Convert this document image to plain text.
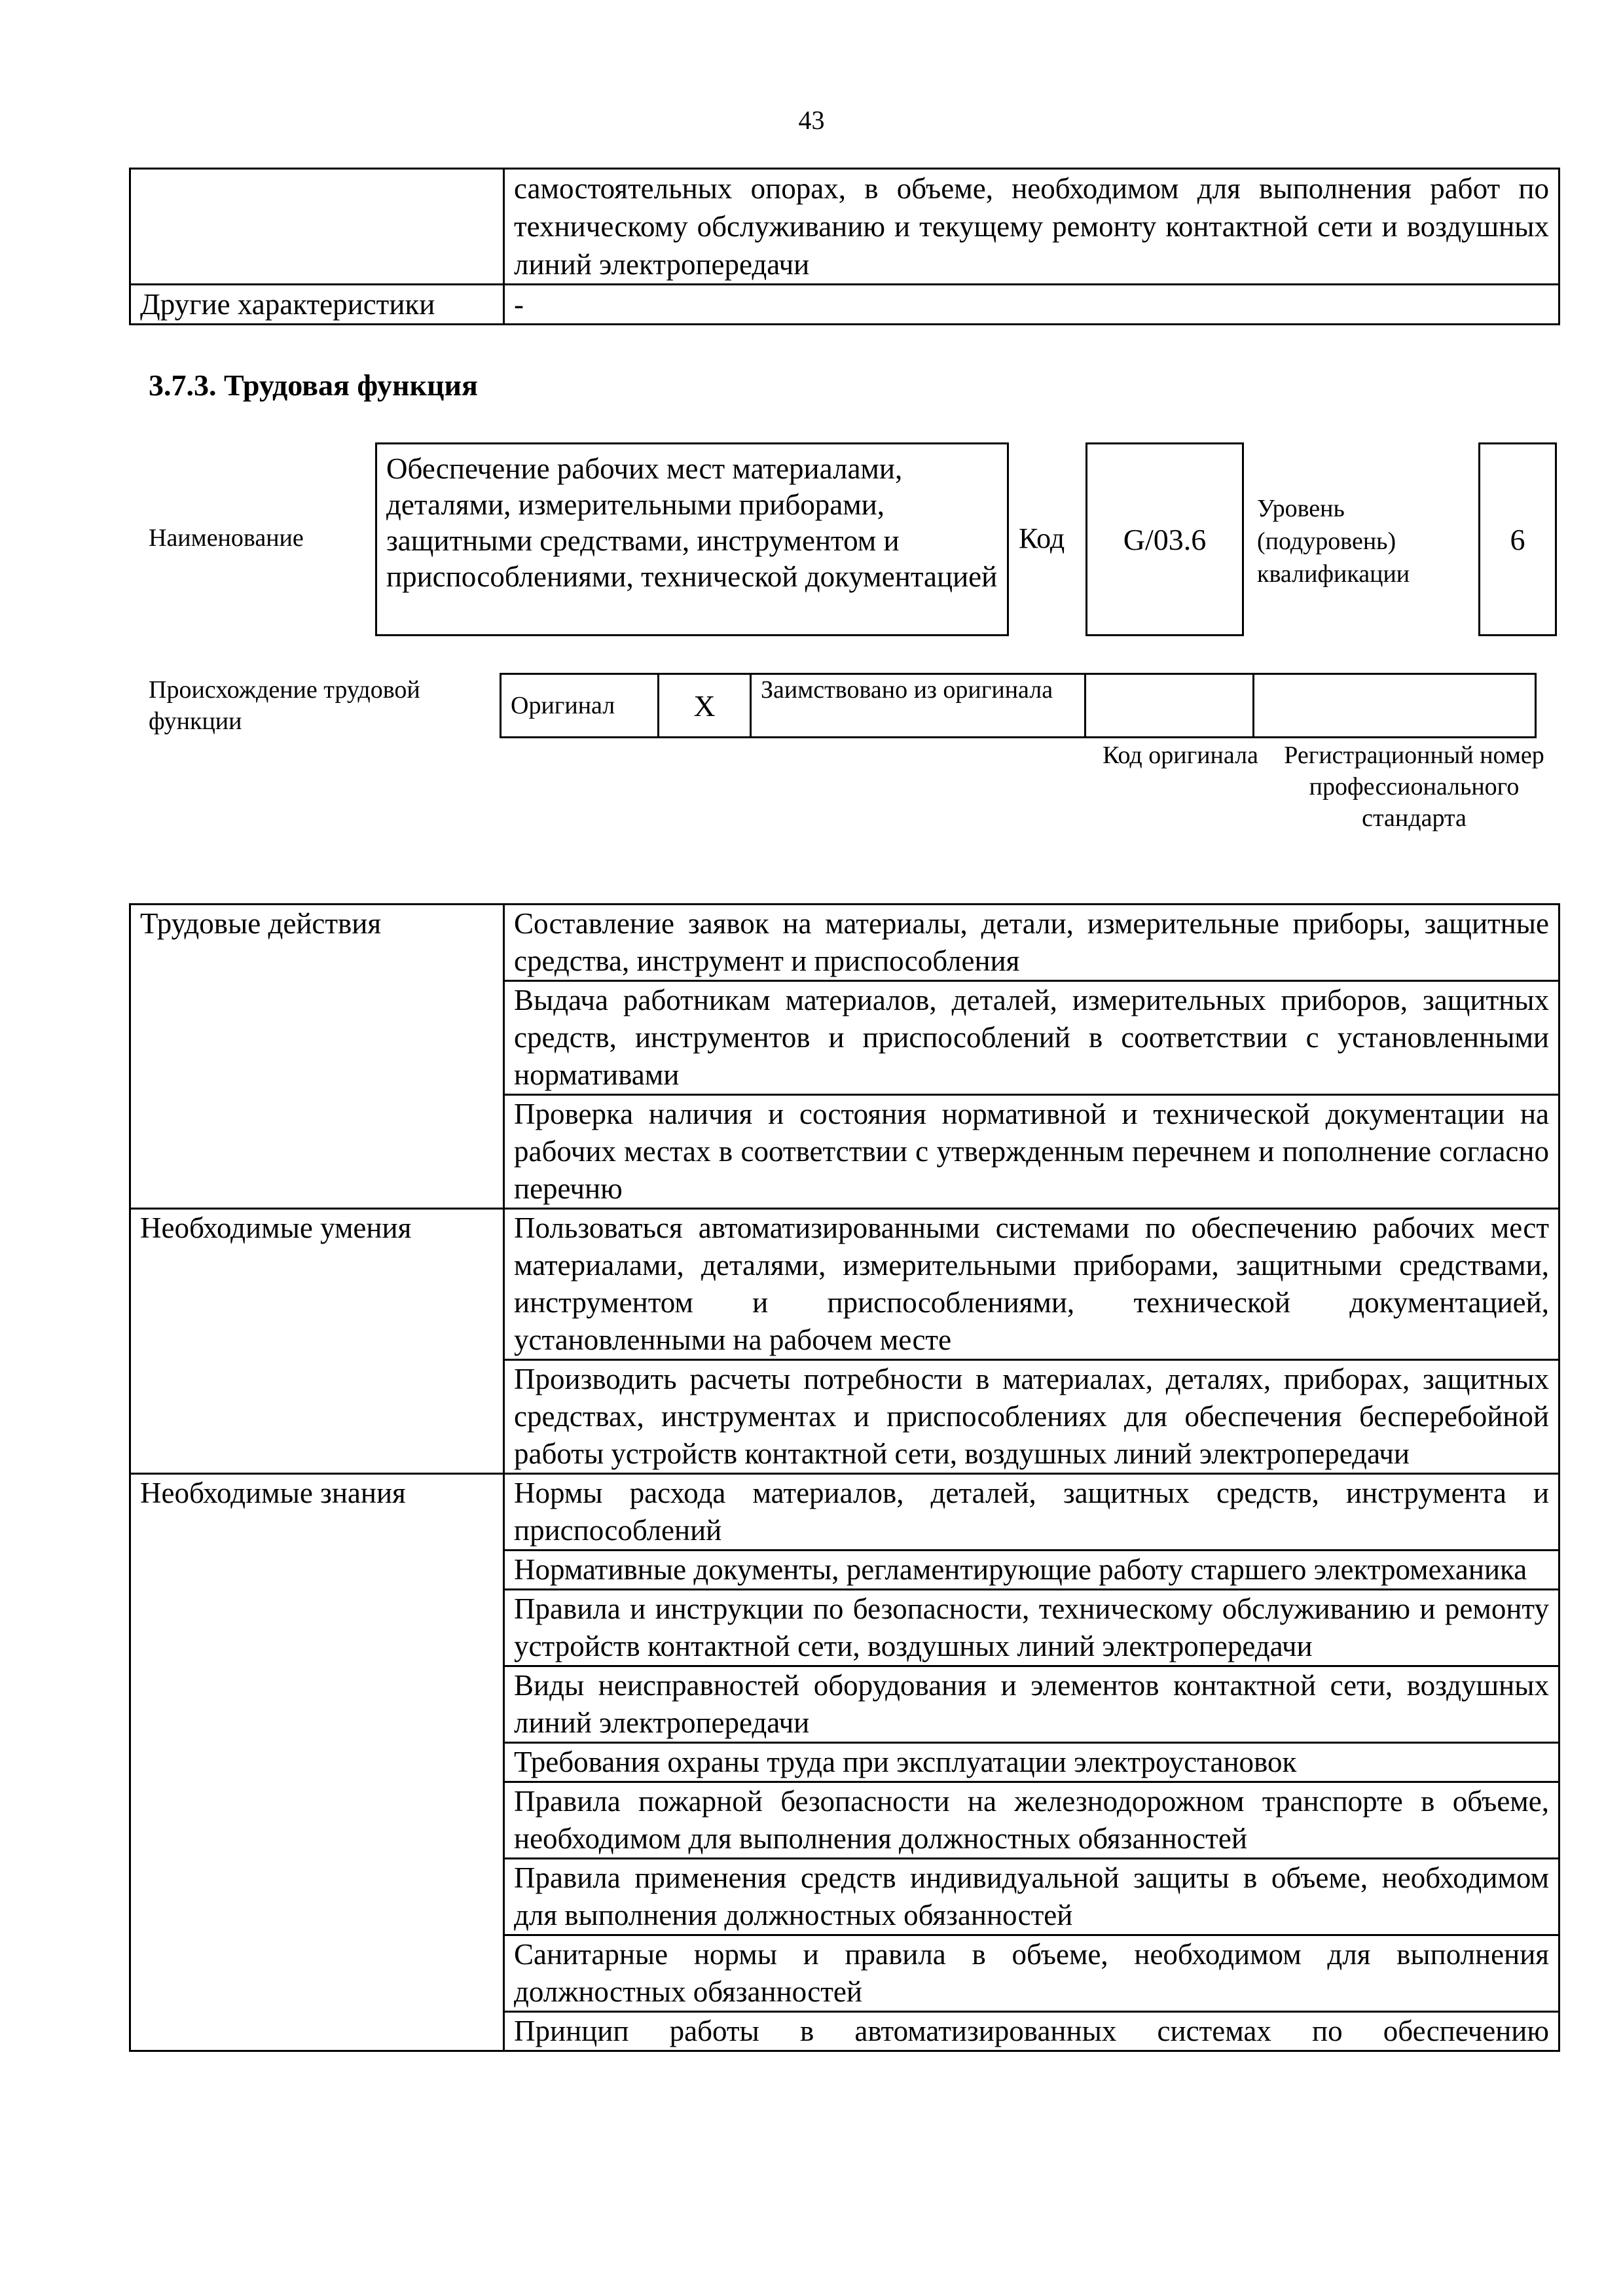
43
	самостоятельных опорах, в объеме, необходимом для выполнения работ по техническому обслуживанию и текущему ремонту контактной сети и воздушных линий электропередачи
Другие характеристики	-
3.7.3. Трудовая функция
Наименование
Обеспечение рабочих мест материалами, деталями, измерительными приборами, защитными средствами, инструментом и приспособлениями, технической документацией
Код G/03.6
Уровень (подуровень) квалификации
6
Происхождение трудовой функции
Оригинал	X	Заимствовано из оригинала		
Код оригинала	Регистрационный номер профессионального стандарта
Трудовые действия	Составление заявок на материалы, детали, измерительные приборы, защитные средства, инструмент и приспособления
	Выдача работникам материалов, деталей, измерительных приборов, защитных средств, инструментов и приспособлений в соответствии с установленными нормативами
	Проверка наличия и состояния нормативной и технической документации на рабочих местах в соответствии с утвержденным перечнем и пополнение согласно перечню
Необходимые умения	Пользоваться автоматизированными системами по обеспечению рабочих мест материалами, деталями, измерительными приборами, защитными средствами, инструментом и приспособлениями, технической документацией, установленными на рабочем месте
	Производить расчеты потребности в материалах, деталях, приборах, защитных средствах, инструментах и приспособлениях для обеспечения бесперебойной работы устройств контактной сети, воздушных линий электропередачи
Необходимые знания	Нормы расхода материалов, деталей, защитных средств, инструмента и приспособлений
	Нормативные документы, регламентирующие работу старшего электромеханика
	Правила и инструкции по безопасности, техническому обслуживанию и ремонту устройств контактной сети, воздушных линий электропередачи
	Виды неисправностей оборудования и элементов контактной сети, воздушных линий электропередачи
	Требования охраны труда при эксплуатации электроустановок
	Правила пожарной безопасности на железнодорожном транспорте в объеме, необходимом для выполнения должностных обязанностей
	Правила применения средств индивидуальной защиты в объеме, необходимом для выполнения должностных обязанностей
	Санитарные нормы и правила в объеме, необходимом для выполнения должностных обязанностей
	Принцип работы в автоматизированных системах по обеспечению
